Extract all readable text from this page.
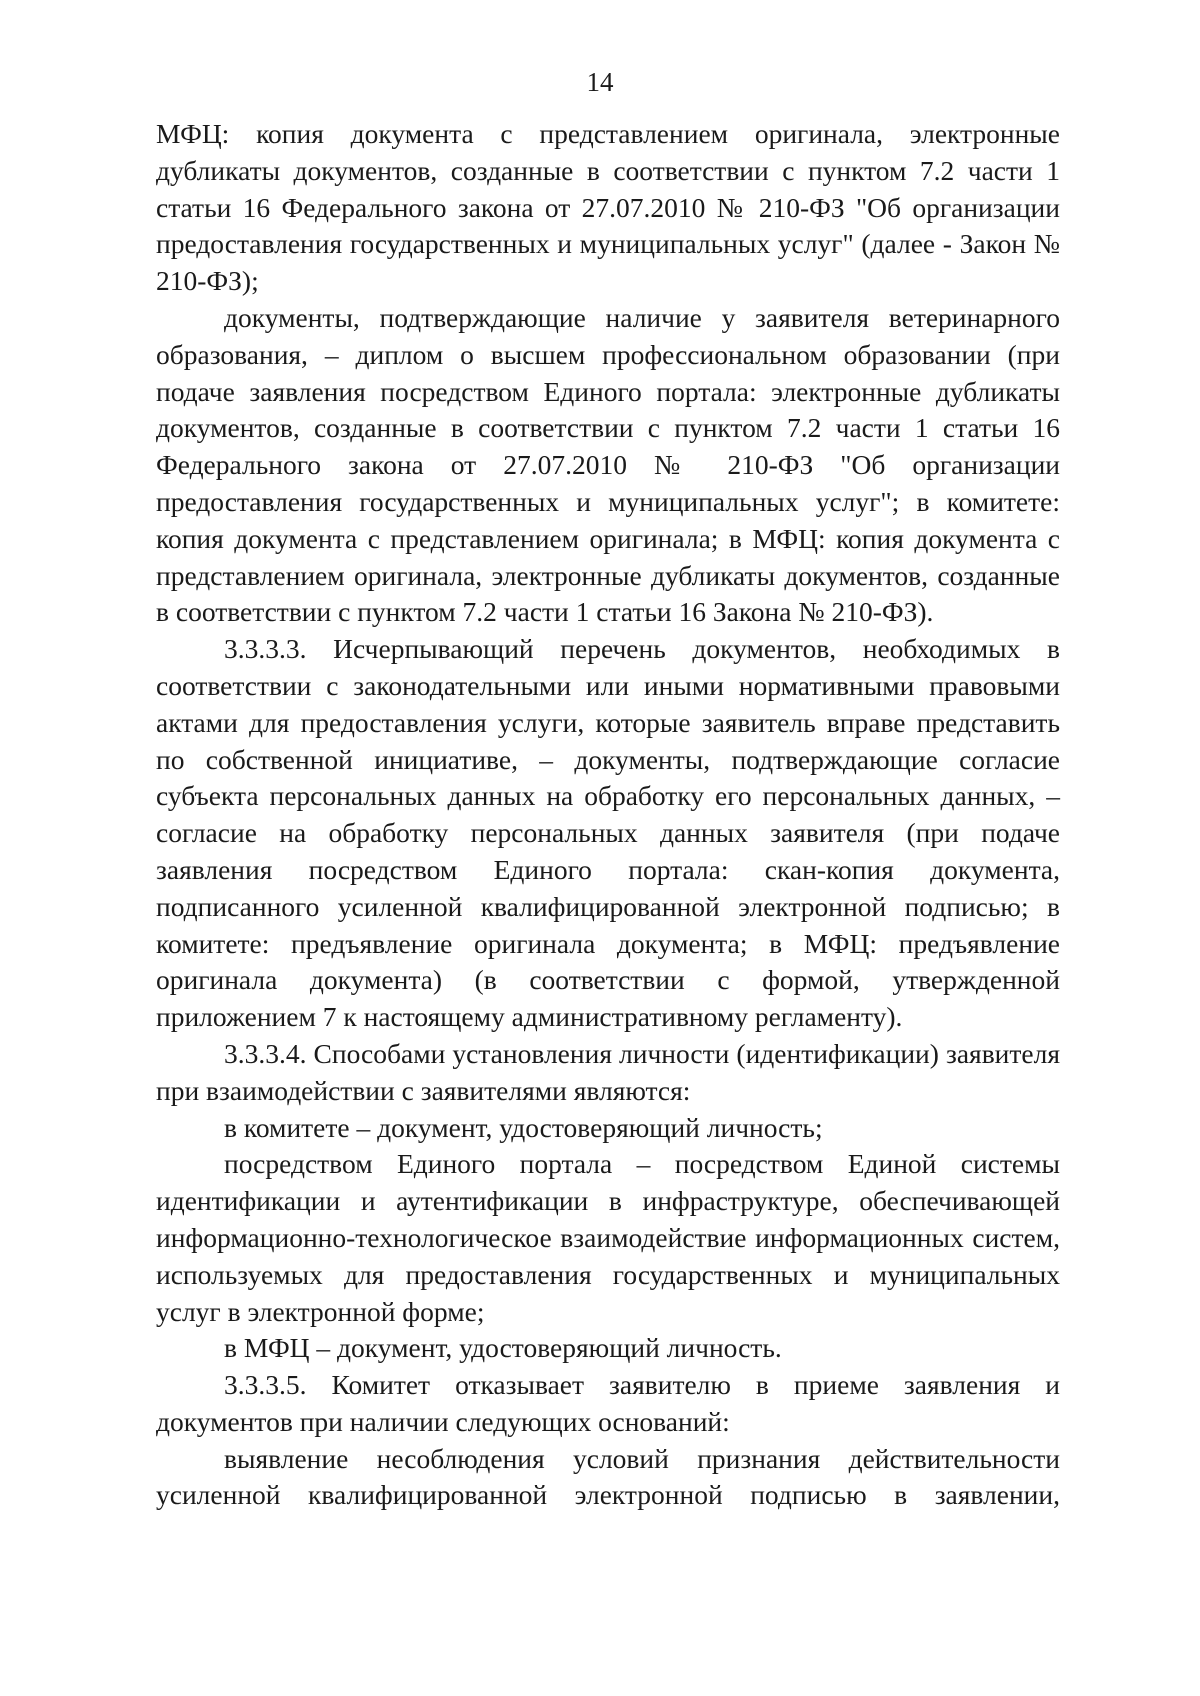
14

МФЦ: копия документа с представлением оригинала, электронные дубликаты документов, созданные в соответствии с пунктом 7.2 части 1 статьи 16 Федерального закона от 27.07.2010 № 210-ФЗ "Об организации предоставления государственных и муниципальных услуг" (далее - Закон № 210-ФЗ);

документы, подтверждающие наличие у заявителя ветеринарного образования, – диплом о высшем профессиональном образовании (при подаче заявления посредством Единого портала: электронные дубликаты документов, созданные в соответствии с пунктом 7.2 части 1 статьи 16 Федерального закона от 27.07.2010 № 210-ФЗ "Об организации предоставления государственных и муниципальных услуг"; в комитете: копия документа с представлением оригинала; в МФЦ: копия документа с представлением оригинала, электронные дубликаты документов, созданные в соответствии с пунктом 7.2 части 1 статьи 16 Закона № 210-ФЗ).

3.3.3.3. Исчерпывающий перечень документов, необходимых в соответствии с законодательными или иными нормативными правовыми актами для предоставления услуги, которые заявитель вправе представить по собственной инициативе, – документы, подтверждающие согласие субъекта персональных данных на обработку его персональных данных, – согласие на обработку персональных данных заявителя (при подаче заявления посредством Единого портала: скан-копия документа, подписанного усиленной квалифицированной электронной подписью; в комитете: предъявление оригинала документа; в МФЦ: предъявление оригинала документа) (в соответствии с формой, утвержденной приложением 7 к настоящему административному регламенту).

3.3.3.4. Способами установления личности (идентификации) заявителя при взаимодействии с заявителями являются:

в комитете – документ, удостоверяющий личность;

посредством Единого портала – посредством Единой системы идентификации и аутентификации в инфраструктуре, обеспечивающей информационно-технологическое взаимодействие информационных систем, используемых для предоставления государственных и муниципальных услуг в электронной форме;

в МФЦ – документ, удостоверяющий личность.

3.3.3.5. Комитет отказывает заявителю в приеме заявления и документов при наличии следующих оснований:

выявление несоблюдения условий признания действительности усиленной квалифицированной электронной подписью в заявлении,
